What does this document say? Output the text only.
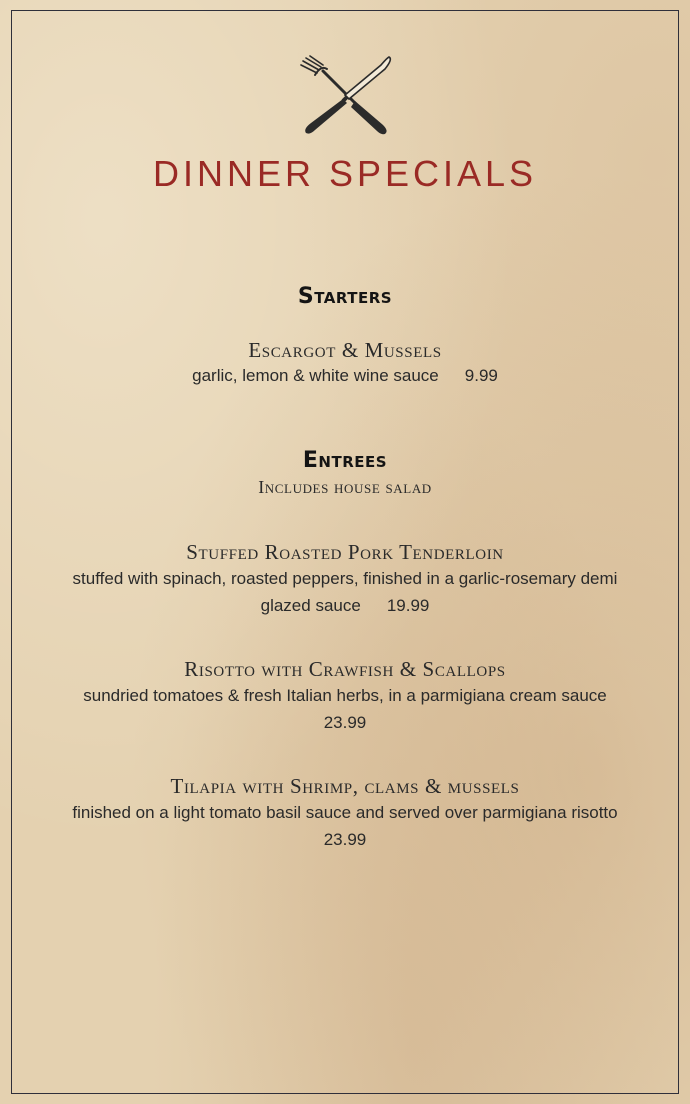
DINNER SPECIALS
Starters
Escargot & Mussels
garlic, lemon & white wine sauce 9.99
Entrees
Includes house salad
Stuffed Roasted Pork Tenderloin
stuffed with spinach, roasted peppers, finished in a garlic-rosemary demi
glazed sauce 19.99
Risotto with Crawfish & Scallops
sundried tomatoes & fresh Italian herbs, in a parmigiana cream sauce
23.99
Tilapia with Shrimp, clams & mussels
finished on a light tomato basil sauce and served over parmigiana risotto
23.99
